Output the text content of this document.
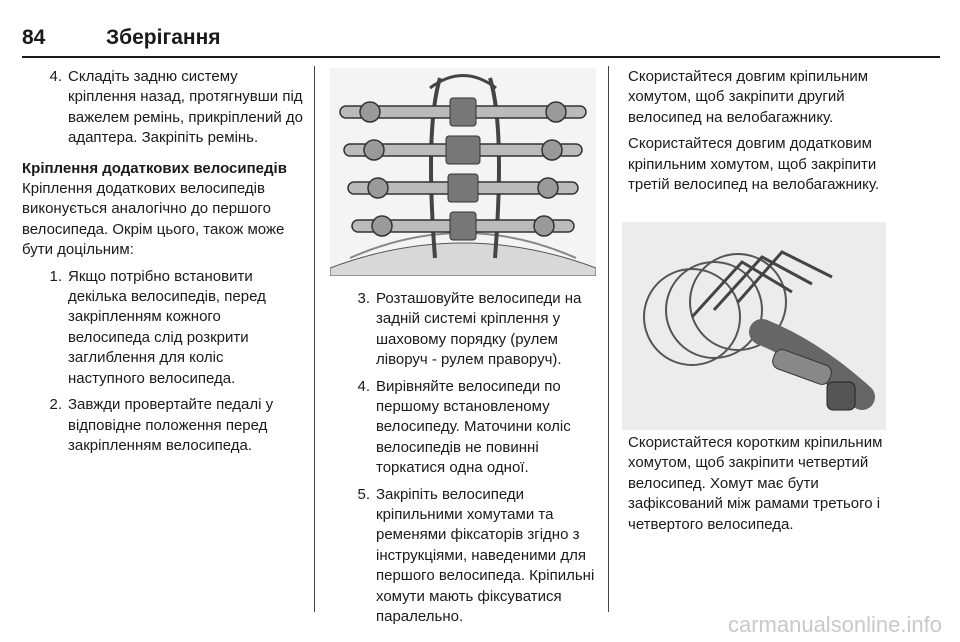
84	Зберігання
4. Складіть задню систему кріплення назад, протягнувши під важелем ремінь, прикріплений до адаптера. Закріпіть ремінь.
Кріплення додаткових велосипедів
Кріплення додаткових велосипедів виконується аналогічно до першого велосипеда. Окрім цього, також може бути доцільним:
1. Якщо потрібно встановити декілька велосипедів, перед закріпленням кожного велосипеда слід розкрити заглиблення для коліс наступного велосипеда.
2. Завжди провертайте педалі у відповідне положення перед закріпленням велосипеда.
3. Розташовуйте велосипеди на задній системі кріплення у шаховому порядку (рулем ліворуч - рулем праворуч).
4. Вирівняйте велосипеди по першому встановленому велосипеду. Маточини коліс велосипедів не повинні торкатися одна одної.
5. Закріпіть велосипеди кріпильними хомутами та ременями фіксаторів згідно з інструкціями, наведеними для першого велосипеда. Кріпильні хомути мають фіксуватися паралельно.
Скористайтеся довгим кріпильним хомутом, щоб закріпити другий велосипед на велобагажнику.
Скористайтеся довгим додатковим кріпильним хомутом, щоб закріпити третій велосипед на велобагажнику.
Скористайтеся коротким кріпильним хомутом, щоб закріпити четвертий велосипед. Хомут має бути зафіксований між рамами третього і четвертого велосипеда.
carmanualsonline.info
